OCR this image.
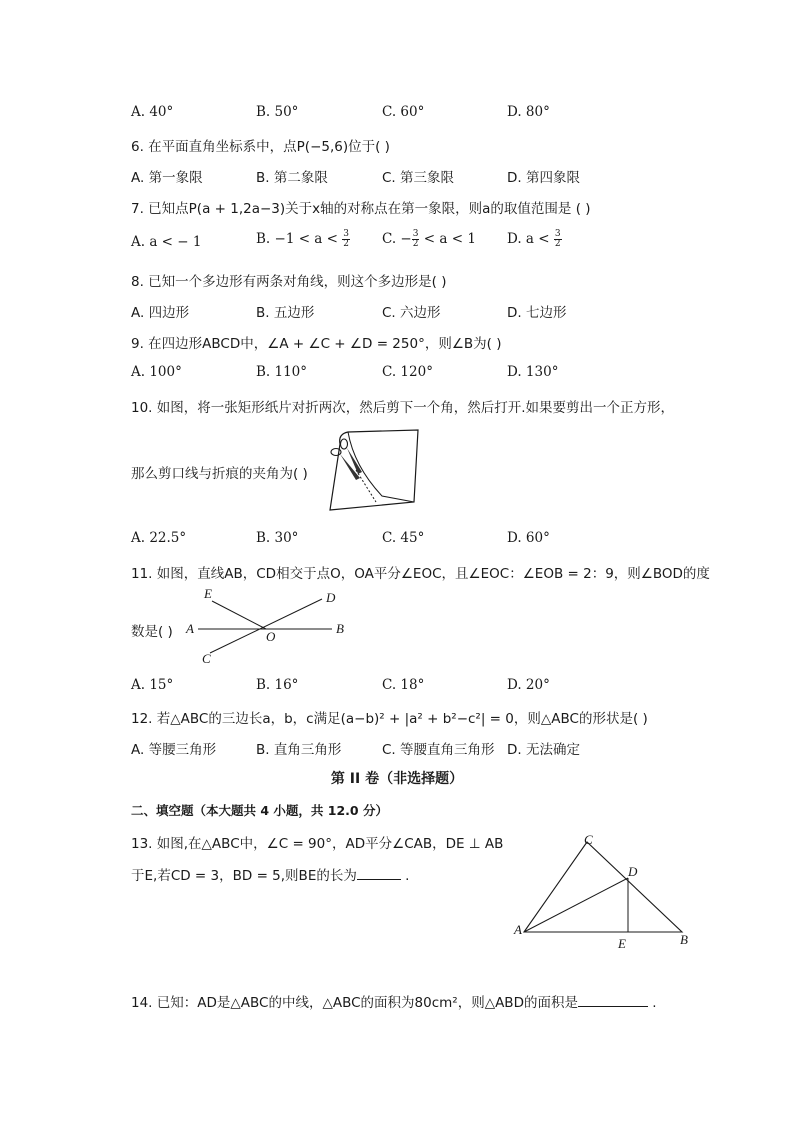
A. 40°	B. 50°	C. 60°	D. 80°
6. 在平面直角坐标系中，点P(−5,6)位于( )
A. 第一象限	B. 第二象限	C. 第三象限	D. 第四象限
7. 已知点P(a + 1,2a−3)关于x轴的对称点在第一象限，则a的取值范围是 ( )
A. a < − 1	B. $-1 < a < \frac{3}{2} C$. − $\frac{3}{2} < a < 1$ D. $a < \frac{3}{2}$
8. 已知一个多边形有两条对角线，则这个多边形是( )
A. 四边形	B. 五边形	C. 六边形	D. 七边形
9. 在四边形ABCD中，∠A + ∠C + ∠D = 250°，则∠B为( )
A. 100°	B. 110°	C. 120°	D. 130°
10. 如图，将一张矩形纸片对折两次，然后剪下一个角，然后打开.如果要剪出一个正方形，
那么剪口线与折痕的夹角为( )
A. 22.5°	B. 30°	C. 45°	D. 60°
11. 如图，直线AB，CD相交于点O，OA平分∠EOC，且∠EOC：∠EOB = 2：9，则∠BOD的度
数是( )
E	D
A
O
B
C
A. 15°	B. 16°	C. 18°	D. 20°
12. 若△ABC的三边长a，b，c满足(a−b)² + |a² + b²−c²| = 0，则△ABC的形状是( )
A. 等腰三角形	B. 直角三角形	C. 等腰直角三角形 D. 无法确定
第 II 卷（非选择题）
二、填空题（本大题共 4 小题，共 12.0 分）
13. 如图,在△ABC中，∠C = 90°，AD平分∠CAB，DE ⊥ AB
于E,若CD = 3，BD = 5,则BE的长为	.
C
D
A
E	B
14. 已知：AD是△ABC的中线，△ABC的面积为80cm²，则△ABD的面积是	.
